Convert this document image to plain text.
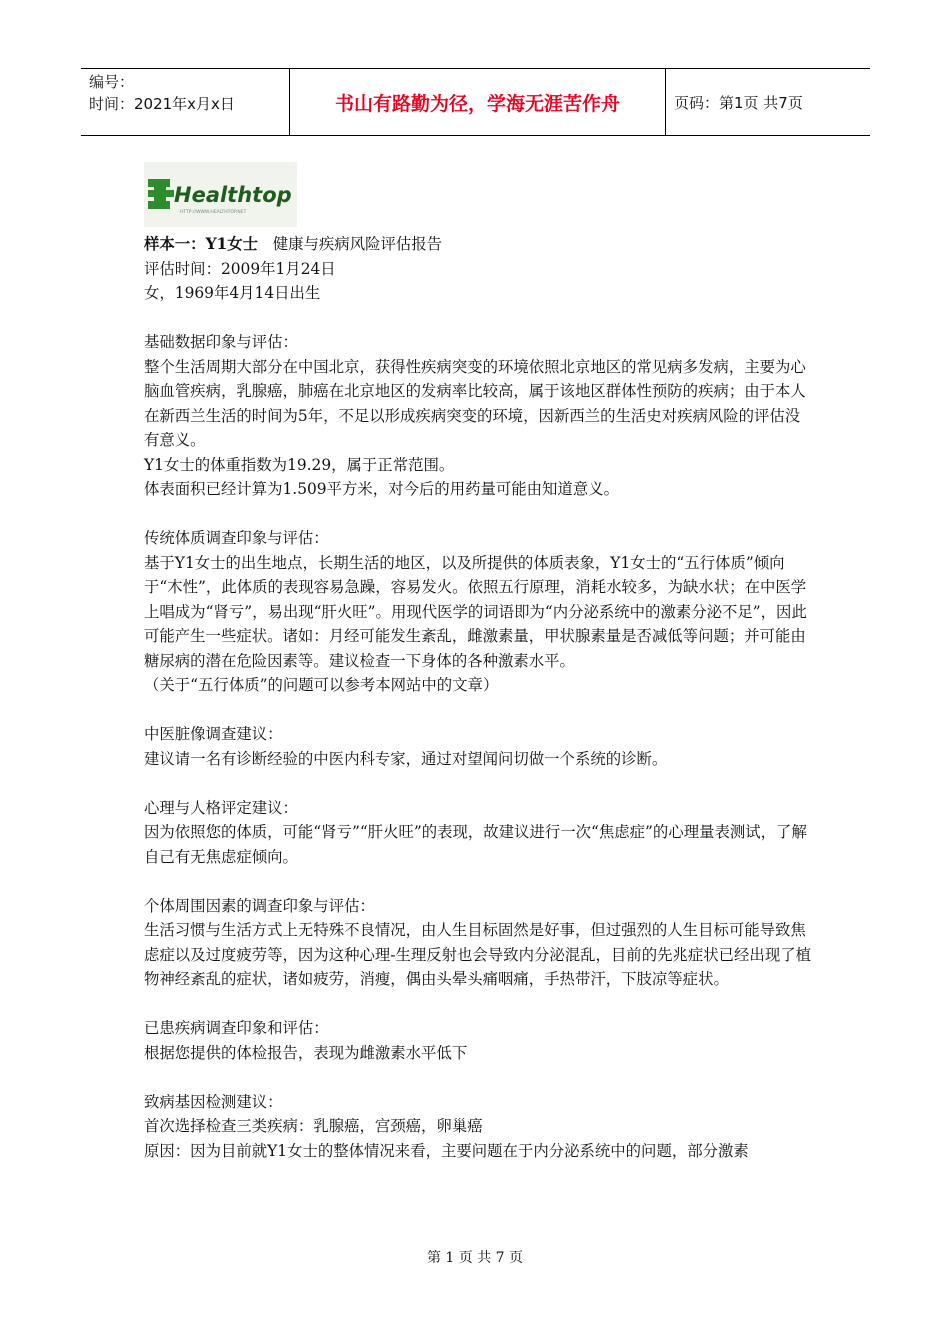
编号：
时间：2021年x月x日	书山有路勤为径，学海无涯苦作舟	页码：第1页 共7页
Healthtop
HTTP://WWW.HEALTHTOP.NET

样本一：Y1女士 健康与疾病风险评估报告

评估时间：2009年1月24日

女，1969年4月14日出生

基础数据印象与评估：

整个生活周期大部分在中国北京，获得性疾病突变的环境依照北京地区的常见病多发病，主要为心脑血管疾病，乳腺癌，肺癌在北京地区的发病率比较高，属于该地区群体性预防的疾病；由于本人在新西兰生活的时间为5年，不足以形成疾病突变的环境，因新西兰的生活史对疾病风险的评估没有意义。

Y1女士的体重指数为19.29，属于正常范围。

体表面积已经计算为1.509平方米，对今后的用药量可能由知道意义。

传统体质调查印象与评估：

基于Y1女士的出生地点，长期生活的地区，以及所提供的体质表象，Y1女士的“五行体质”倾向于“木性”，此体质的表现容易急躁，容易发火。依照五行原理，消耗水较多，为缺水状；在中医学上唱成为“肾亏”，易出现“肝火旺”。用现代医学的词语即为“内分泌系统中的激素分泌不足”，因此可能产生一些症状。诸如：月经可能发生紊乱，雌激素量，甲状腺素量是否减低等问题；并可能由糖尿病的潜在危险因素等。建议检查一下身体的各种激素水平。

（关于“五行体质”的问题可以参考本网站中的文章）

中医脏像调查建议：

建议请一名有诊断经验的中医内科专家，通过对望闻问切做一个系统的诊断。

心理与人格评定建议：

因为依照您的体质，可能“肾亏”“肝火旺”的表现，故建议进行一次“焦虑症”的心理量表测试，了解自己有无焦虑症倾向。

个体周围因素的调查印象与评估：

生活习惯与生活方式上无特殊不良情况，由人生目标固然是好事，但过强烈的人生目标可能导致焦虑症以及过度疲劳等，因为这种心理-生理反射也会导致内分泌混乱，目前的先兆症状已经出现了植物神经紊乱的症状，诸如疲劳，消瘦，偶由头晕头痛咽痛，手热带汗，下肢凉等症状。

已患疾病调查印象和评估：

根据您提供的体检报告，表现为雌激素水平低下

致病基因检测建议：

首次选择检查三类疾病：乳腺癌，宫颈癌，卵巢癌

原因：因为目前就Y1女士的整体情况来看，主要问题在于内分泌系统中的问题，部分激素

第 1 页 共 7 页
